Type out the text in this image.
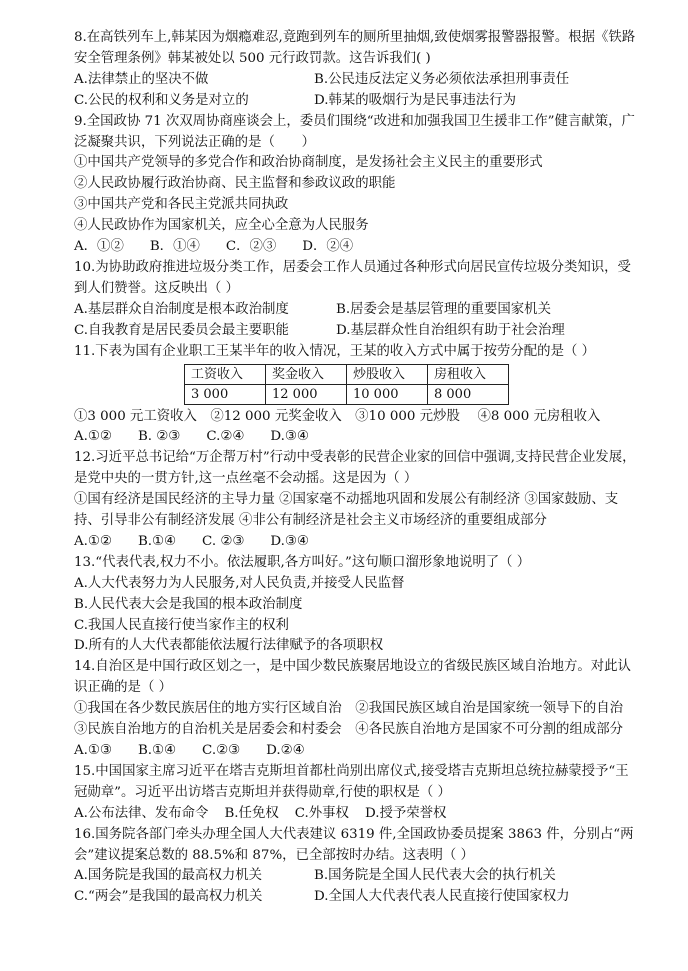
8.在高铁列车上,韩某因为烟瘾难忍,竟跑到列车的厕所里抽烟,致使烟雾报警器报警。根据《铁路安全管理条例》韩某被处以 500 元行政罚款。这告诉我们( )
A.法律禁止的坚决不做	B.公民违反法定义务必须依法承担刑事责任
C.公民的权利和义务是对立的	D.韩某的吸烟行为是民事违法行为
9.全国政协 71 次双周协商座谈会上，委员们围绕“改进和加强我国卫生援非工作”健言献策，广泛凝聚共识，下列说法正确的是（　　）
①中国共产党领导的多党合作和政治协商制度，是发扬社会主义民主的重要形式
②人民政协履行政治协商、民主监督和参政议政的职能
③中国共产党和各民主党派共同执政
④人民政协作为国家机关，应全心全意为人民服务
A．①② B．①④ C．②③ D．②④
10.为协助政府推进垃圾分类工作，居委会工作人员通过各种形式向居民宣传垃圾分类知识，受到人们赞誉。这反映出（ ）
A.基层群众自治制度是根本政治制度	B.居委会是基层管理的重要国家机关
C.自我教育是居民委员会最主要职能	D.基层群众性自治组织有助于社会治理
11.下表为国有企业职工王某半年的收入情况，王某的收入方式中属于按劳分配的是（ ）
工资收入	奖金收入	炒股收入	房租收入
3 000	12 000	10 000	8 000
①3 000 元工资收入　②12 000 元奖金收入　③10 000 元炒股　 ④8 000 元房租收入
A.①② B. ②③ C.②④ D.③④
12.习近平总书记给“万企帮万村”行动中受表彰的民营企业家的回信中强调,支持民营企业发展，是党中央的一贯方针,这一点丝毫不会动摇。这是因为（ ）
①国有经济是国民经济的主导力量 ②国家毫不动摇地巩固和发展公有制经济 ③国家鼓励、支持、引导非公有制经济发展 ④非公有制经济是社会主义市场经济的重要组成部分
A.①② B.①④ C. ②③ D.③④
13.“代表代表,权力不小。依法履职,各方叫好。”这句顺口溜形象地说明了（ ）
A.人大代表努力为人民服务,对人民负责,并接受人民监督
B.人民代表大会是我国的根本政治制度
C.我国人民直接行使当家作主的权利
D.所有的人大代表都能依法履行法律赋予的各项职权
14.自治区是中国行政区划之一，是中国少数民族聚居地设立的省级民族区域自治地方。对此认识正确的是（ ）
①我国在各少数民族居住的地方实行区域自治　②我国民族区域自治是国家统一领导下的自治　③民族自治地方的自治机关是居委会和村委会　④各民族自治地方是国家不可分割的组成部分
A.①③ B.①④ C.②③ D.②④
15.中国国家主席习近平在塔吉克斯坦首都杜尚别出席仪式,接受塔吉克斯坦总统拉赫蒙授予“王冠勋章”。习近平出访塔吉克斯坦并获得勋章,行使的职权是（ ）
A.公布法律、发布命令 B.任免权 C.外事权 D.授予荣誉权
16.国务院各部门牵头办理全国人大代表建议 6319 件,全国政协委员提案 3863 件，分别占“两会”建议提案总数的 88.5%和 87%，已全部按时办结。这表明（ ）
A.国务院是我国的最高权力机关	B.国务院是全国人民代表大会的执行机关
C.“两会”是我国的最高权力机关	D.全国人大代表代表人民直接行使国家权力
